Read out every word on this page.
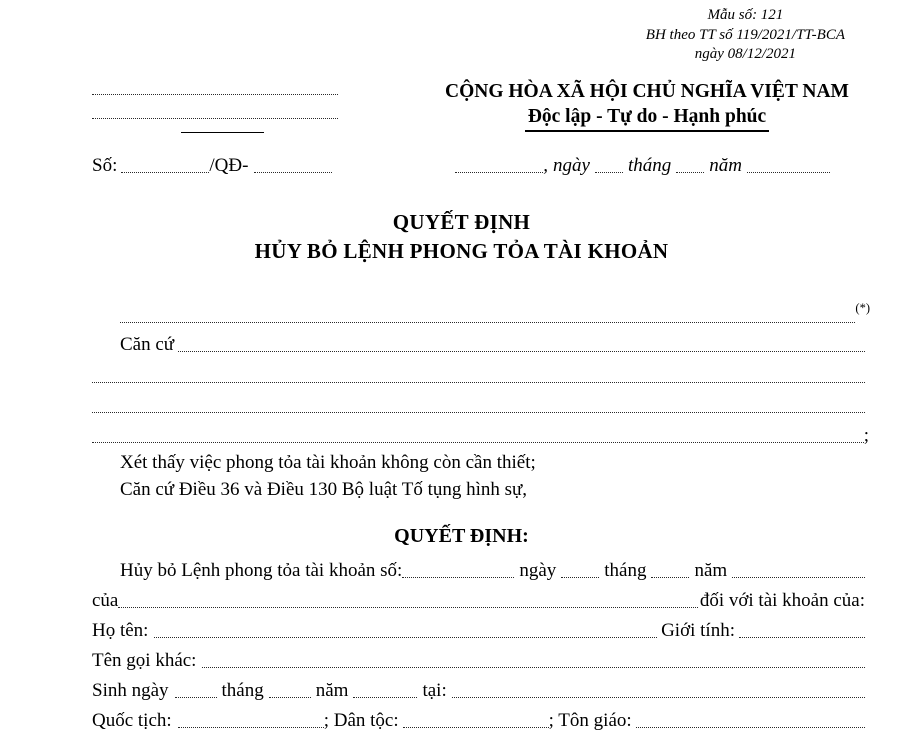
Mẫu số: 121
BH theo TT số 119/2021/TT-BCA
ngày 08/12/2021
CỘNG HÒA XÃ HỘI CHỦ NGHĨA VIỆT NAM
Độc lập - Tự do - Hạnh phúc
Số:	/QĐ-	, ngày tháng năm
QUYẾT ĐỊNH
HỦY BỎ LỆNH PHONG TỎA TÀI KHOẢN
(*)
Căn cứ
;
Xét thấy việc phong tỏa tài khoản không còn cần thiết;
Căn cứ Điều 36 và Điều 130 Bộ luật Tố tụng hình sự,
QUYẾT ĐỊNH:
Hủy bỏ Lệnh phong tỏa tài khoản số:	ngày	tháng	năm
của	đối với tài khoản của:
Họ tên:	Giới tính:
Tên gọi khác:
Sinh ngày	tháng	năm	tại:
Quốc tịch:	; Dân tộc:	; Tôn giáo:
